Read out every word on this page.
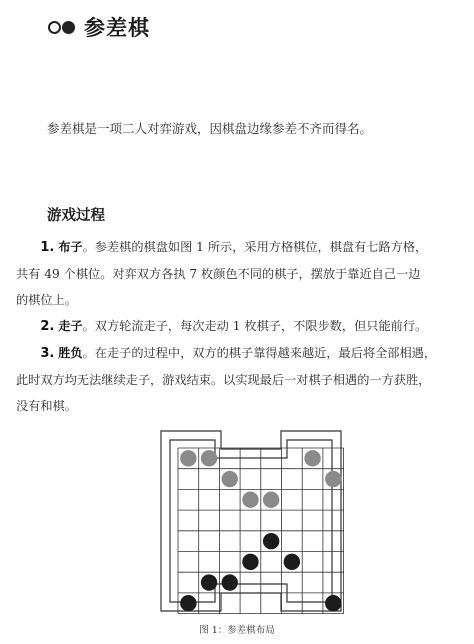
参差棋
参差棋是一项二人对弈游戏，因棋盘边缘参差不齐而得名。
游戏过程

1. 布子。参差棋的棋盘如图 1 所示，采用方格棋位，棋盘有七路方格，

共有 49 个棋位。对弈双方各执 7 枚颜色不同的棋子，摆放于靠近自己一边

的棋位上。

2. 走子。双方轮流走子，每次走动 1 枚棋子，不限步数，但只能前行。

3. 胜负。在走子的过程中，双方的棋子靠得越来越近，最后将全部相遇，

此时双方均无法继续走子，游戏结束。以实现最后一对棋子相遇的一方获胜，

没有和棋。

图 1：参差棋布局
